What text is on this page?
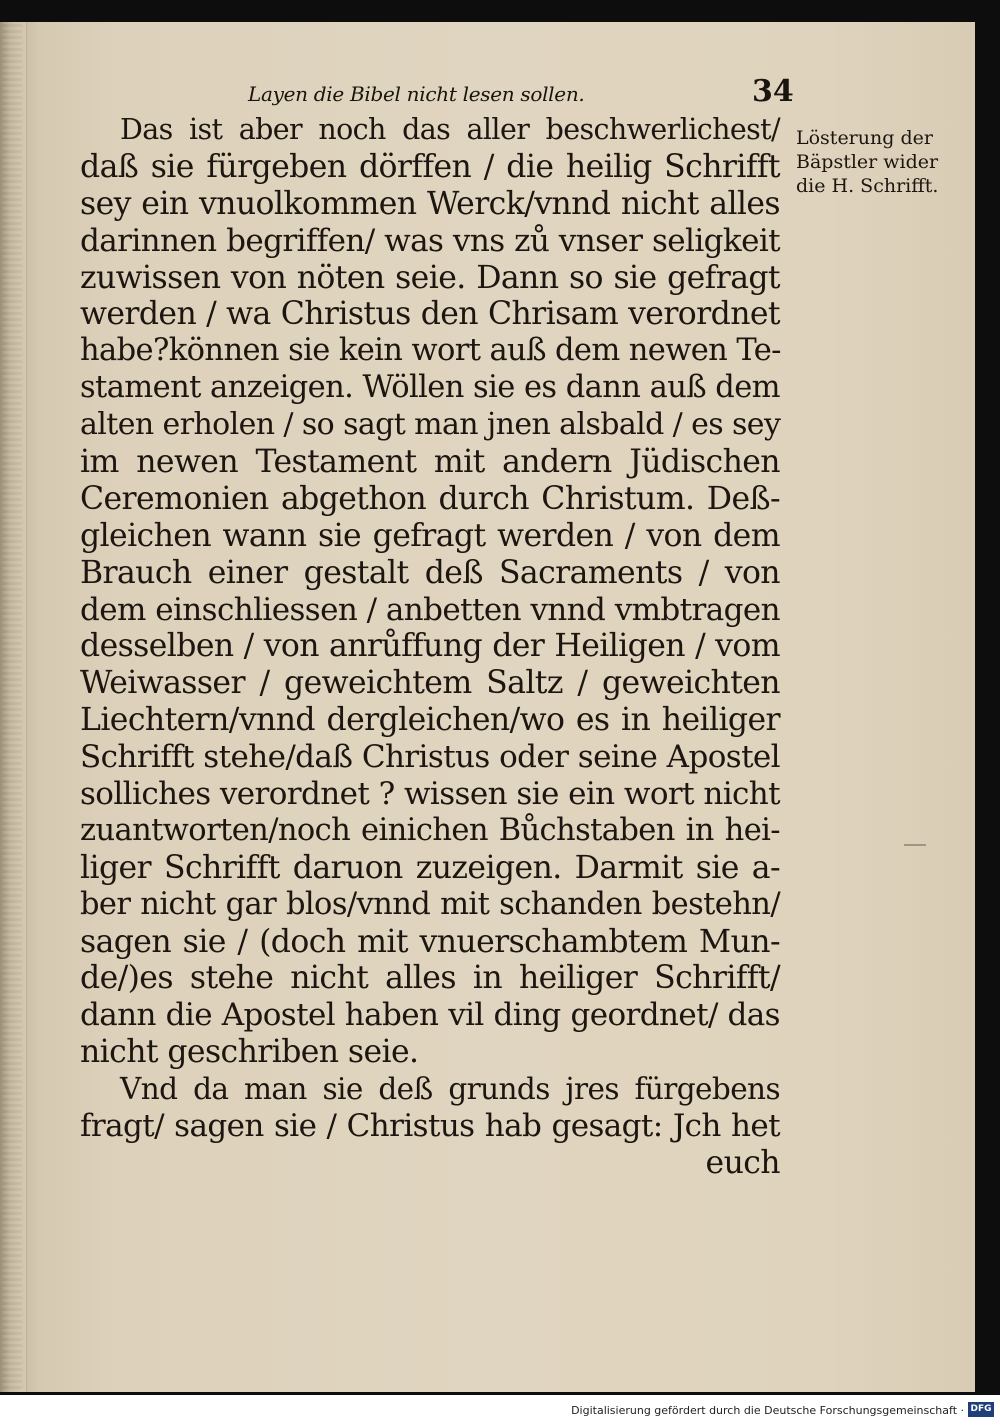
Layen die Bibel nicht lesen sollen.	34
Das ist aber noch das aller beschwerlichest/
daß sie fürgeben dörffen / die heilig Schrifft
sey ein vnuolkommen Werck/vnnd nicht alles
darinnen begriffen/ was vns zů vnser seligkeit
zuwissen von nöten seie. Dann so sie gefragt
werden / wa Christus den Chrisam verordnet
habe?können sie kein wort auß dem newen Te-
stament anzeigen. Wöllen sie es dann auß dem
alten erholen / so sagt man jnen alsbald / es sey
im newen Testament mit andern Jüdischen
Ceremonien abgethon durch Christum. Deß-
gleichen wann sie gefragt werden / von dem
Brauch einer gestalt deß Sacraments / von
dem einschliessen / anbetten vnnd vmbtragen
desselben / von anrůffung der Heiligen / vom
Weiwasser / geweichtem Saltz / geweichten
Liechtern/vnnd dergleichen/wo es in heiliger
Schrifft stehe/daß Christus oder seine Apostel
solliches verordnet ? wissen sie ein wort nicht
zuantworten/noch einichen Bůchstaben in hei-
liger Schrifft daruon zuzeigen. Darmit sie a-
ber nicht gar blos/vnnd mit schanden bestehn/
sagen sie / (doch mit vnuerschambtem Mun-
de/)es stehe nicht alles in heiliger Schrifft/
dann die Apostel haben vil ding geordnet/ das
nicht geschriben seie.
Vnd da man sie deß grunds jres fürgebens
fragt/ sagen sie / Christus hab gesagt: Jch het
euch
Lösterung der
Bäpstler wider
die H. Schrifft.
Digitalisierung gefördert durch die Deutsche Forschungsgemeinschaft · DFG
